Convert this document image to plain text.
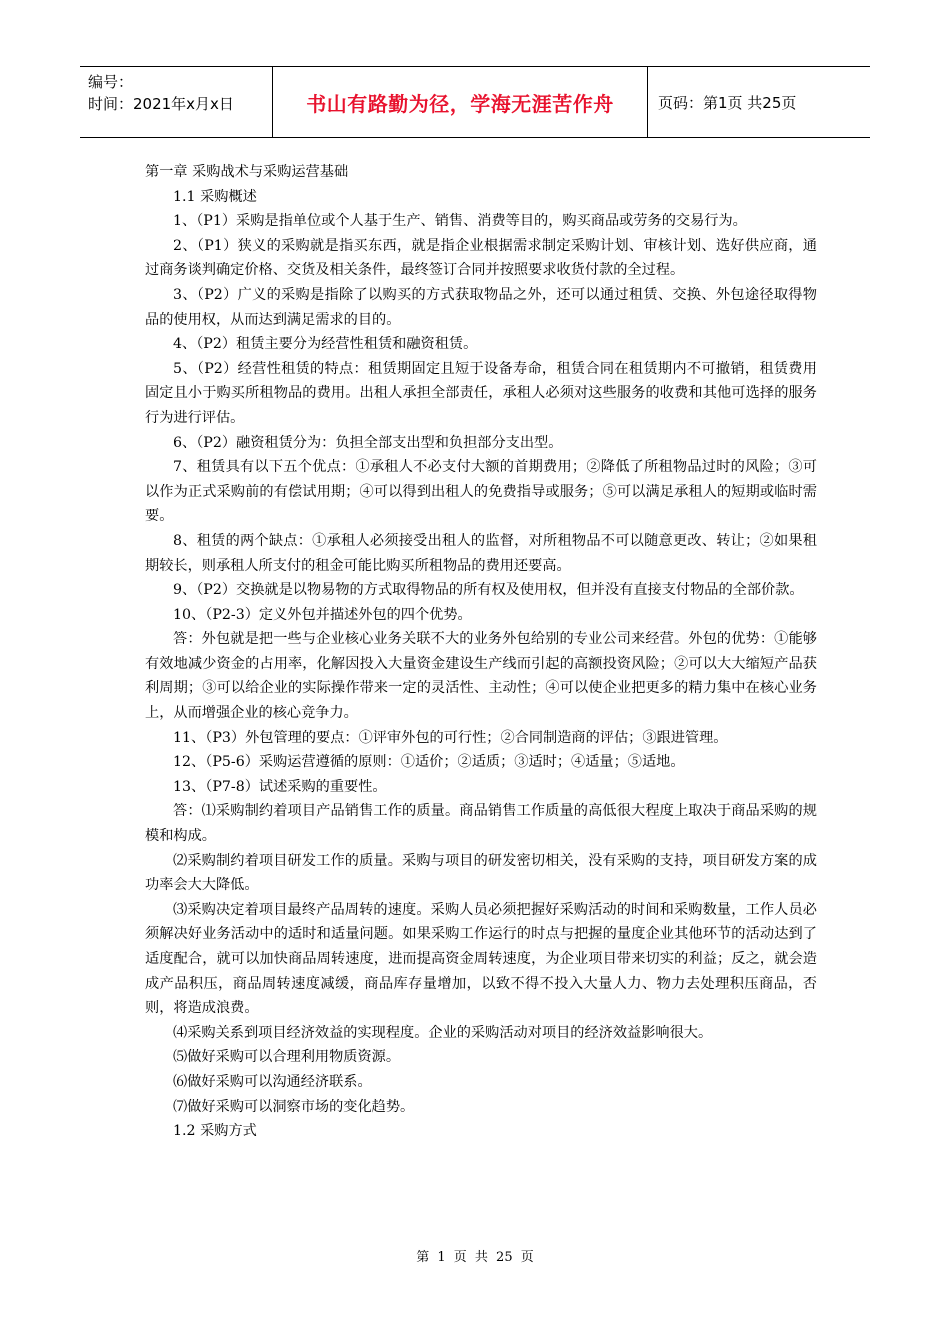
编号：
时间：2021年x月x日	书山有路勤为径，学海无涯苦作舟	页码：第1页 共25页

第一章 采购战术与采购运营基础

1.1 采购概述

1、（P1）采购是指单位或个人基于生产、销售、消费等目的，购买商品或劳务的交易行为。

2、（P1）狭义的采购就是指买东西，就是指企业根据需求制定采购计划、审核计划、选好供应商，通过商务谈判确定价格、交货及相关条件，最终签订合同并按照要求收货付款的全过程。

3、（P2）广义的采购是指除了以购买的方式获取物品之外，还可以通过租赁、交换、外包途径取得物品的使用权，从而达到满足需求的目的。

4、（P2）租赁主要分为经营性租赁和融资租赁。

5、（P2）经营性租赁的特点：租赁期固定且短于设备寿命，租赁合同在租赁期内不可撤销，租赁费用固定且小于购买所租物品的费用。出租人承担全部责任，承租人必须对这些服务的收费和其他可选择的服务行为进行评估。

6、（P2）融资租赁分为：负担全部支出型和负担部分支出型。

7、租赁具有以下五个优点：①承租人不必支付大额的首期费用；②降低了所租物品过时的风险；③可以作为正式采购前的有偿试用期；④可以得到出租人的免费指导或服务；⑤可以满足承租人的短期或临时需要。

8、租赁的两个缺点：①承租人必须接受出租人的监督，对所租物品不可以随意更改、转让；②如果租期较长，则承租人所支付的租金可能比购买所租物品的费用还要高。

9、（P2）交换就是以物易物的方式取得物品的所有权及使用权，但并没有直接支付物品的全部价款。

10、（P2-3）定义外包并描述外包的四个优势。

答：外包就是把一些与企业核心业务关联不大的业务外包给别的专业公司来经营。外包的优势：①能够有效地减少资金的占用率，化解因投入大量资金建设生产线而引起的高额投资风险；②可以大大缩短产品获利周期；③可以给企业的实际操作带来一定的灵活性、主动性；④可以使企业把更多的精力集中在核心业务上，从而增强企业的核心竞争力。

11、（P3）外包管理的要点：①评审外包的可行性；②合同制造商的评估；③跟进管理。

12、（P5-6）采购运营遵循的原则：①适价；②适质；③适时；④适量；⑤适地。

13、（P7-8）试述采购的重要性。

答：⑴采购制约着项目产品销售工作的质量。商品销售工作质量的高低很大程度上取决于商品采购的规模和构成。

⑵采购制约着项目研发工作的质量。采购与项目的研发密切相关，没有采购的支持，项目研发方案的成功率会大大降低。

⑶采购决定着项目最终产品周转的速度。采购人员必须把握好采购活动的时间和采购数量，工作人员必须解决好业务活动中的适时和适量问题。如果采购工作运行的时点与把握的量度企业其他环节的活动达到了适度配合，就可以加快商品周转速度，进而提高资金周转速度，为企业项目带来切实的利益；反之，就会造成产品积压，商品周转速度减缓，商品库存量增加，以致不得不投入大量人力、物力去处理积压商品，否则，将造成浪费。

⑷采购关系到项目经济效益的实现程度。企业的采购活动对项目的经济效益影响很大。

⑸做好采购可以合理利用物质资源。

⑹做好采购可以沟通经济联系。

⑺做好采购可以洞察市场的变化趋势。

1.2 采购方式

第 1 页 共 25 页
